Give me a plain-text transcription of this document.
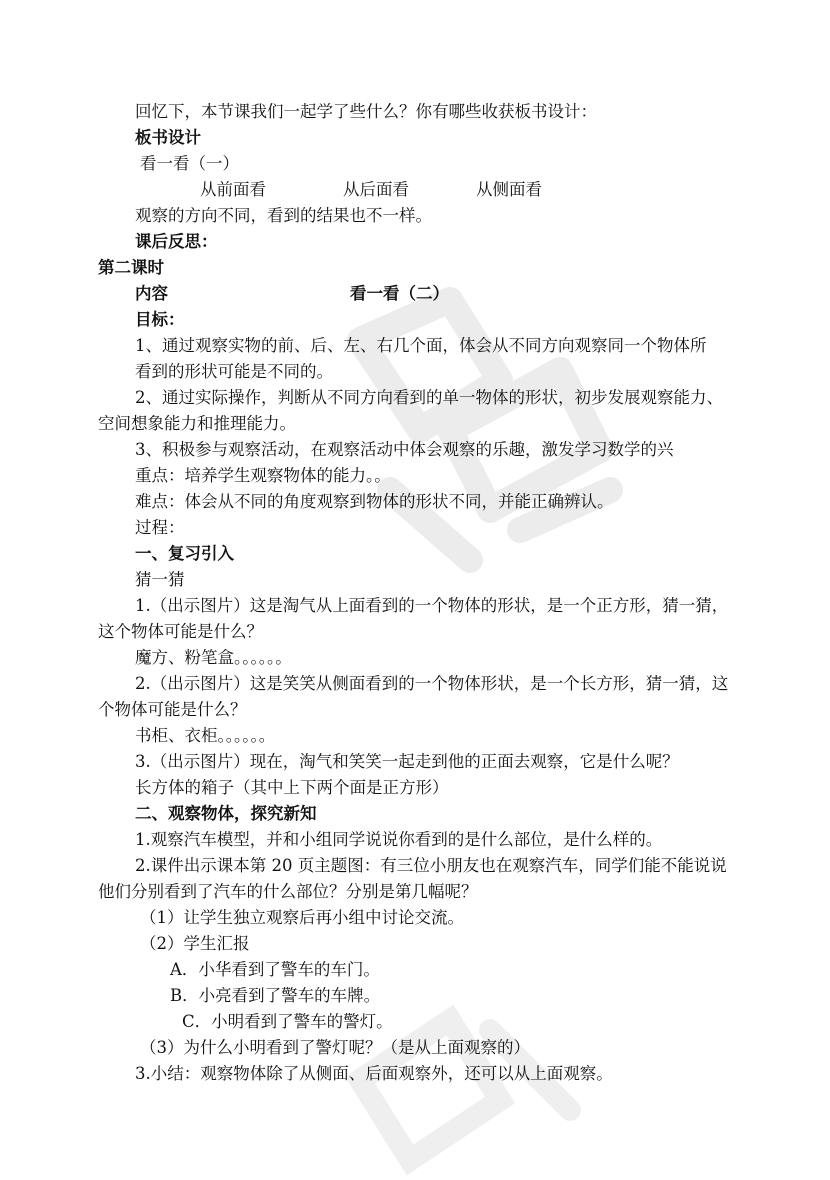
回忆下，本节课我们一起学了些什么？你有哪些收获板书设计：
板书设计
看一看（一）
从前面看	从后面看	从侧面看
观察的方向不同，看到的结果也不一样。
课后反思：
第二课时
内容	看一看（二）
目标：
1、通过观察实物的前、后、左、右几个面，体会从不同方向观察同一个物体所
看到的形状可能是不同的。
2、通过实际操作，判断从不同方向看到的单一物体的形状，初步发展观察能力、
空间想象能力和推理能力。
3、积极参与观察活动，在观察活动中体会观察的乐趣，激发学习数学的兴
重点：培养学生观察物体的能力。。
难点：体会从不同的角度观察到物体的形状不同，并能正确辨认。
过程：
一、复习引入
猜一猜
1.（出示图片）这是淘气从上面看到的一个物体的形状，是一个正方形，猜一猜，
这个物体可能是什么？
魔方、粉笔盒。。。。。。
2.（出示图片）这是笑笑从侧面看到的一个物体形状，是一个长方形，猜一猜，这
个物体可能是什么？
书柜、衣柜。。。。。。
3.（出示图片）现在，淘气和笑笑一起走到他的正面去观察，它是什么呢？
长方体的箱子（其中上下两个面是正方形）
二、观察物体，探究新知
1.观察汽车模型，并和小组同学说说你看到的是什么部位，是什么样的。
2.课件出示课本第 20 页主题图：有三位小朋友也在观察汽车，同学们能不能说说
他们分别看到了汽车的什么部位？分别是第几幅呢？
（1）让学生独立观察后再小组中讨论交流。
（2）学生汇报
A．小华看到了警车的车门。
B．小亮看到了警车的车牌。
C．小明看到了警车的警灯。
（3）为什么小明看到了警灯呢？（是从上面观察的）
3.小结：观察物体除了从侧面、后面观察外，还可以从上面观察。
